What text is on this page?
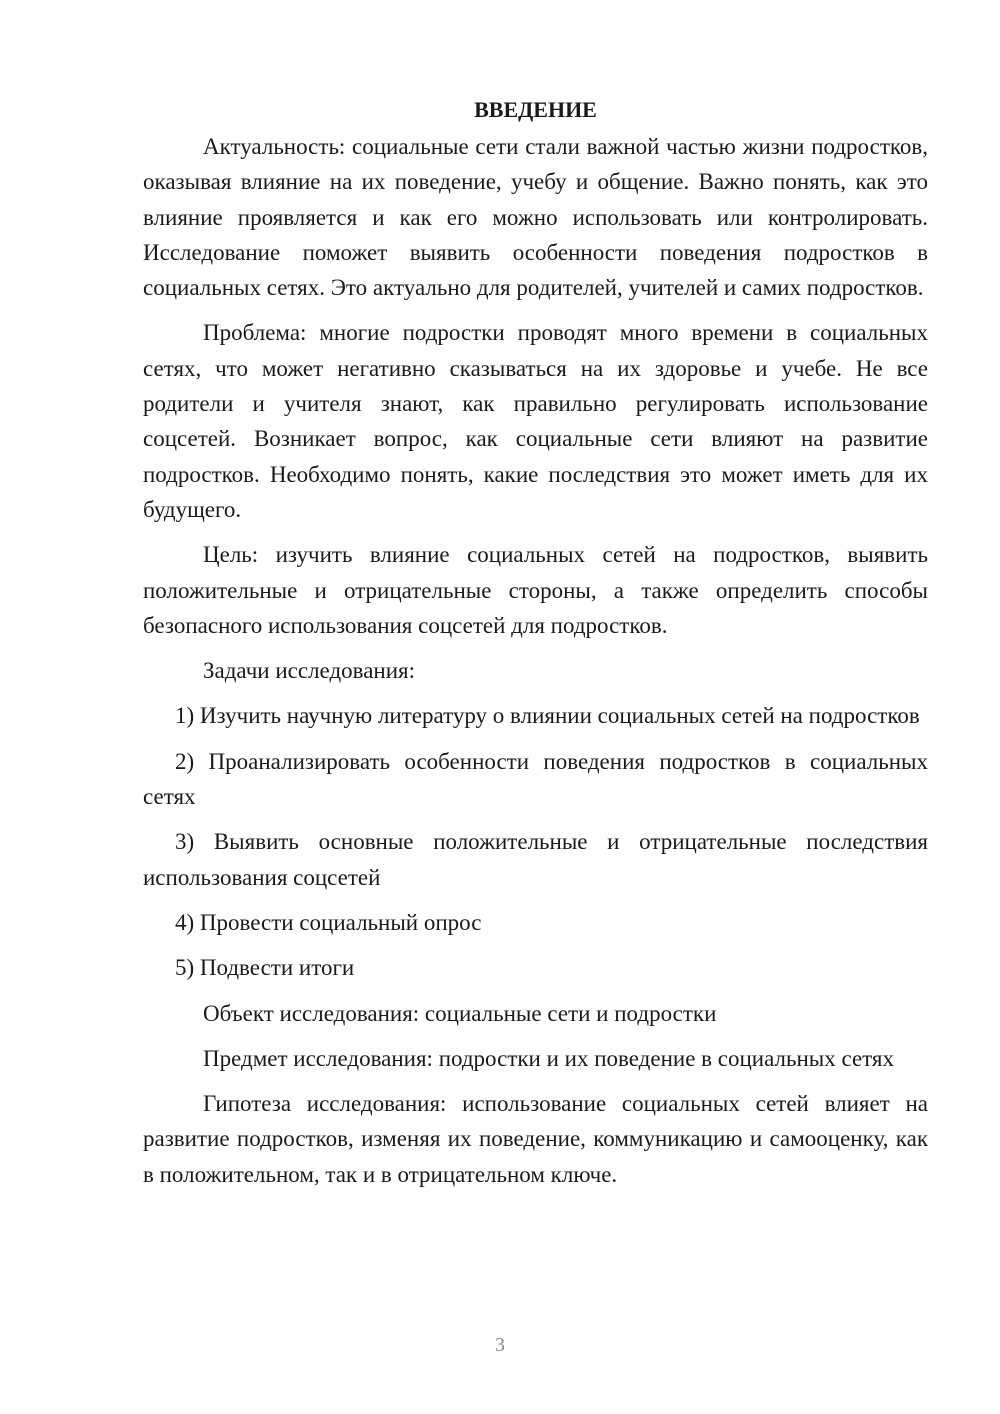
ВВЕДЕНИЕ

Актуальность: социальные сети стали важной частью жизни подростков, оказывая влияние на их поведение, учебу и общение. Важно понять, как это влияние проявляется и как его можно использовать или контролировать. Исследование поможет выявить особенности поведения подростков в социальных сетях. Это актуально для родителей, учителей и самих подростков.

Проблема: многие подростки проводят много времени в социальных сетях, что может негативно сказываться на их здоровье и учебе. Не все родители и учителя знают, как правильно регулировать использование соцсетей. Возникает вопрос, как социальные сети влияют на развитие подростков. Необходимо понять, какие последствия это может иметь для их будущего.

Цель: изучить влияние социальных сетей на подростков, выявить положительные и отрицательные стороны, а также определить способы безопасного использования соцсетей для подростков.

Задачи исследования:

1) Изучить научную литературу о влиянии социальных сетей на подростков

2) Проанализировать особенности поведения подростков в социальных сетях

3) Выявить основные положительные и отрицательные последствия использования соцсетей

4) Провести социальный опрос

5) Подвести итоги

Объект исследования: социальные сети и подростки

Предмет исследования: подростки и их поведение в социальных сетях

Гипотеза исследования: использование социальных сетей влияет на развитие подростков, изменяя их поведение, коммуникацию и самооценку, как в положительном, так и в отрицательном ключе.

3
